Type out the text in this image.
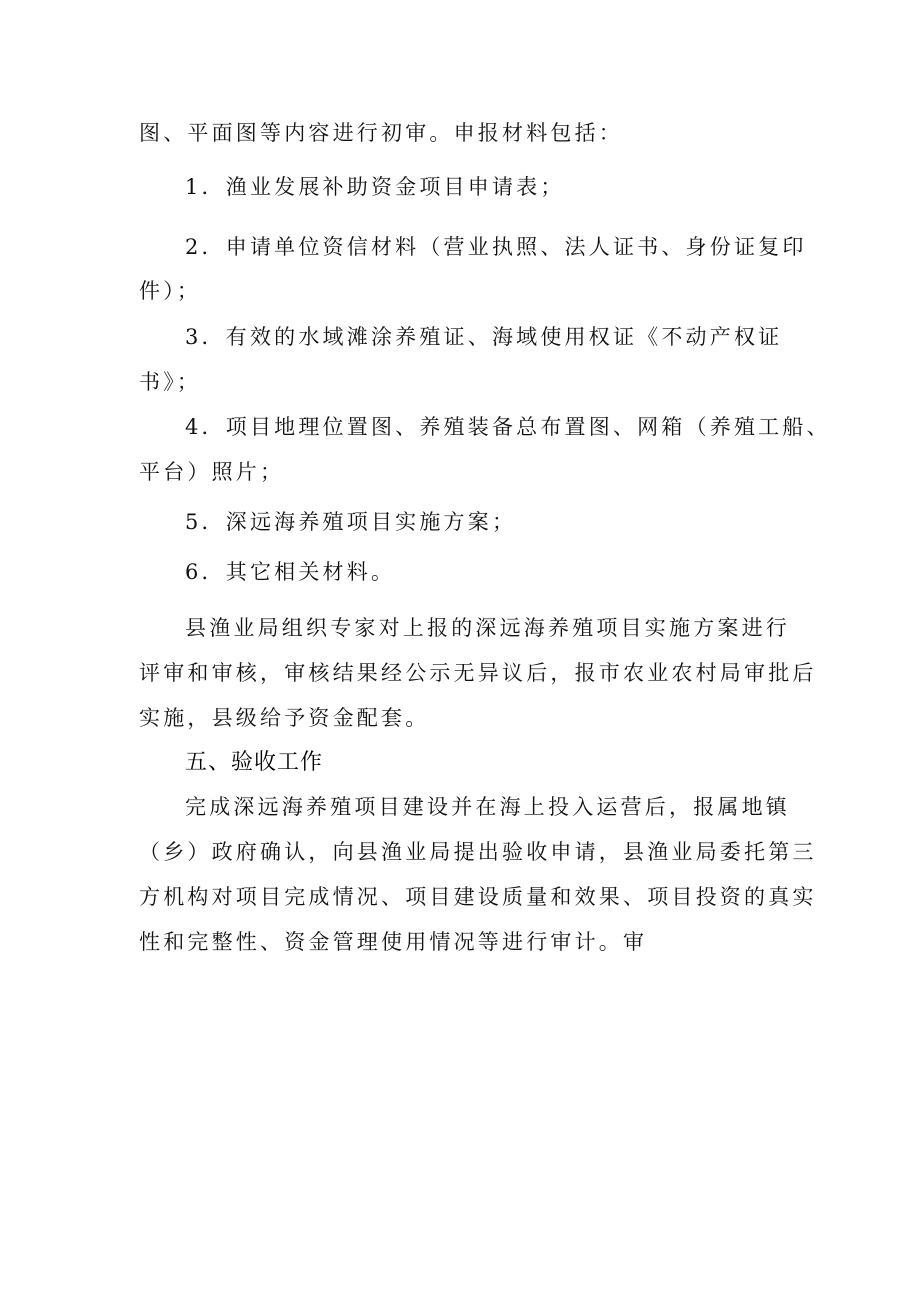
图、平面图等内容进行初审。申报材料包括：
1．渔业发展补助资金项目申请表；
2．申请单位资信材料（营业执照、法人证书、身份证复印
件）；
3．有效的水域滩涂养殖证、海域使用权证《不动产权证
书》；
4．项目地理位置图、养殖装备总布置图、网箱（养殖工船、
平台）照片；
5．深远海养殖项目实施方案；
6．其它相关材料。
县渔业局组织专家对上报的深远海养殖项目实施方案进行
评审和审核，审核结果经公示无异议后，报市农业农村局审批后
实施，县级给予资金配套。
五、验收工作
完成深远海养殖项目建设并在海上投入运营后，报属地镇
（乡）政府确认，向县渔业局提出验收申请，县渔业局委托第三
方机构对项目完成情况、项目建设质量和效果、项目投资的真实
性和完整性、资金管理使用情况等进行审计。审
